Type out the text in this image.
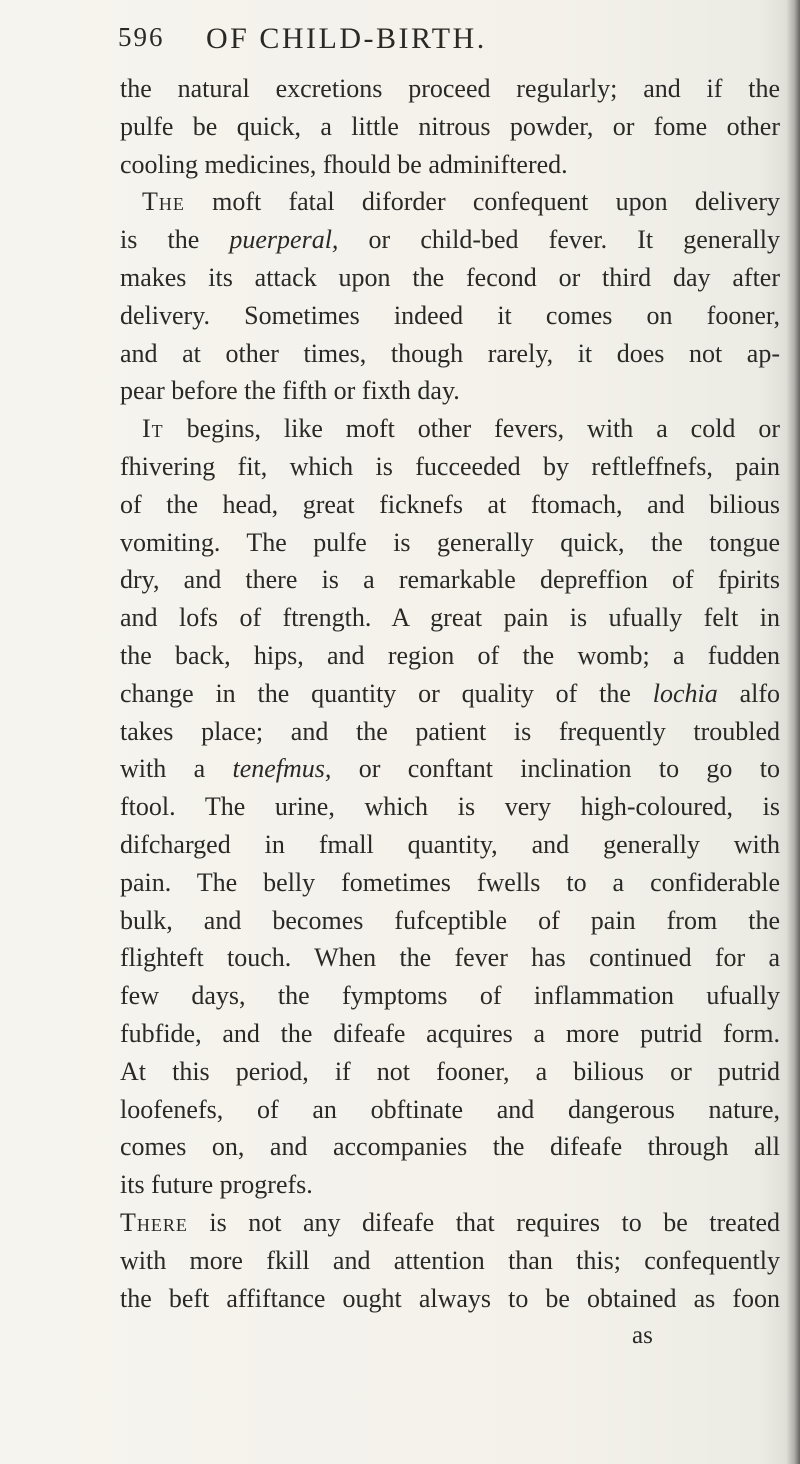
596 OF CHILD-BIRTH.
the natural excretions proceed regularly; and if the
pulfe be quick, a little nitrous powder, or fome other
cooling medicines, fhould be adminiftered.
The moft fatal diforder confequent upon delivery
is the puerperal, or child-bed fever. It generally
makes its attack upon the fecond or third day after
delivery. Sometimes indeed it comes on fooner,
and at other times, though rarely, it does not ap-
pear before the fifth or fixth day.
It begins, like moft other fevers, with a cold or
fhivering fit, which is fucceeded by reftleffnefs, pain
of the head, great ficknefs at ftomach, and bilious
vomiting. The pulfe is generally quick, the tongue
dry, and there is a remarkable depreffion of fpirits
and lofs of ftrength. A great pain is ufually felt in
the back, hips, and region of the womb; a fudden
change in the quantity or quality of the lochia alfo
takes place; and the patient is frequently troubled
with a tenefmus, or conftant inclination to go to
ftool. The urine, which is very high-coloured, is
difcharged in fmall quantity, and generally with
pain. The belly fometimes fwells to a confiderable
bulk, and becomes fufceptible of pain from the
flighteft touch. When the fever has continued for a
few days, the fymptoms of inflammation ufually
fubfide, and the difeafe acquires a more putrid form.
At this period, if not fooner, a bilious or putrid
loofenefs, of an obftinate and dangerous nature,
comes on, and accompanies the difeafe through all
its future progrefs.
There is not any difeafe that requires to be treated
with more fkill and attention than this; confequently
the beft affiftance ought always to be obtained as foon
as
